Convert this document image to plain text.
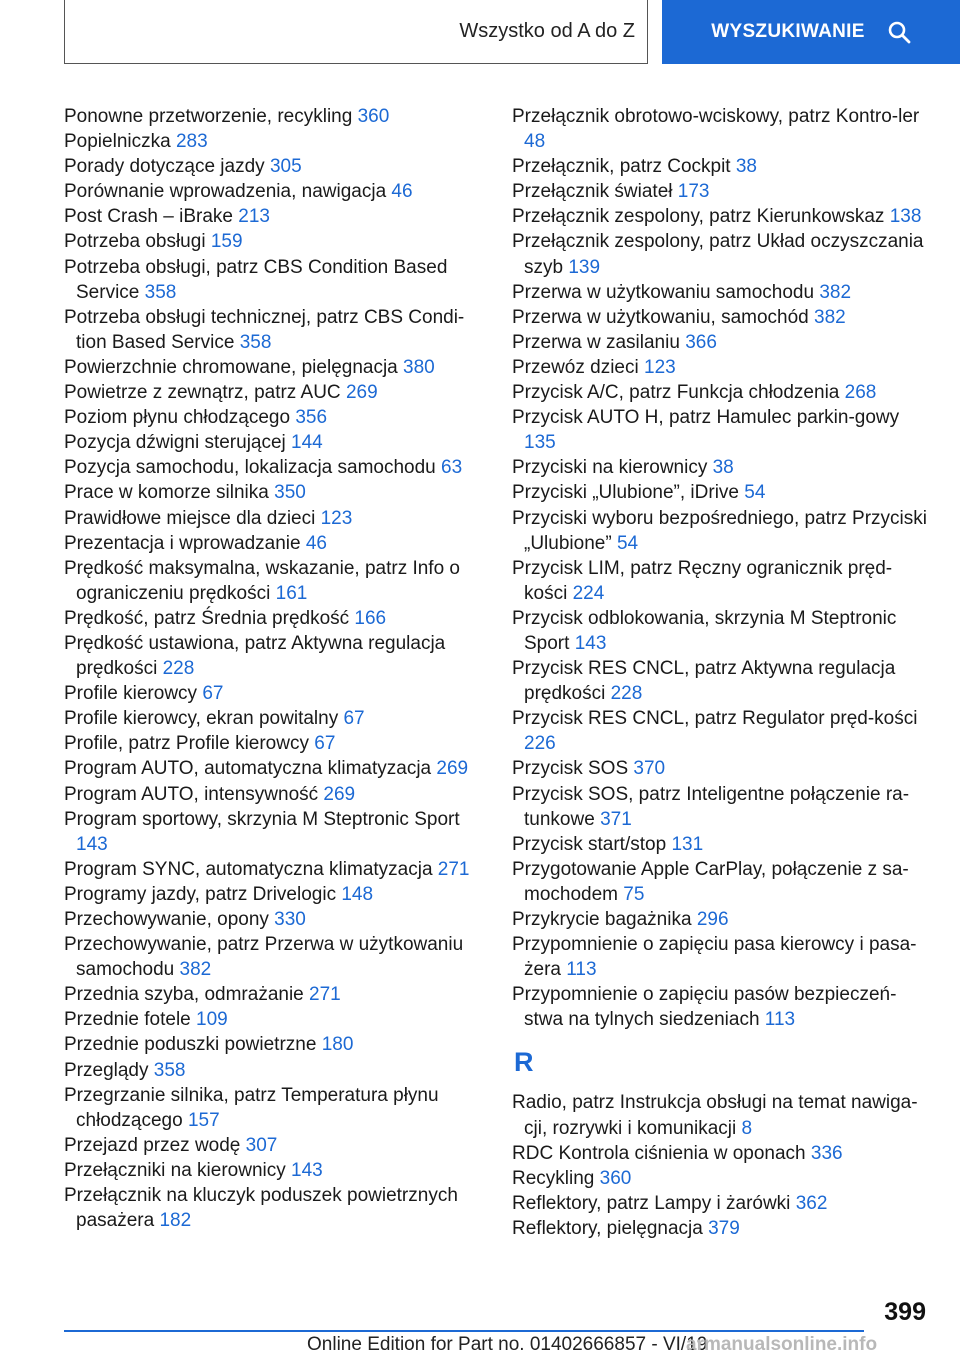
Wszystko od A do Z	WYSZUKIWANIE

Ponowne przetworzenie, recykling 360

Popielniczka 283

Porady dotyczące jazdy 305

Porównanie wprowadzenia, nawigacja 46

Post Crash – iBrake 213

Potrzeba obsługi 159

Potrzeba obsługi, patrz CBS Condition Based Service 358

Potrzeba obsługi technicznej, patrz CBS Condi‐tion Based Service 358

Powierzchnie chromowane, pielęgnacja 380

Powietrze z zewnątrz, patrz AUC 269

Poziom płynu chłodzącego 356

Pozycja dźwigni sterującej 144

Pozycja samochodu, lokalizacja samochodu 63

Prace w komorze silnika 350

Prawidłowe miejsce dla dzieci 123

Prezentacja i wprowadzanie 46

Prędkość maksymalna, wskazanie, patrz Info o ograniczeniu prędkości 161

Prędkość, patrz Średnia prędkość 166

Prędkość ustawiona, patrz Aktywna regulacja prędkości 228

Profile kierowcy 67

Profile kierowcy, ekran powitalny 67

Profile, patrz Profile kierowcy 67

Program AUTO, automatyczna klimatyzacja 269

Program AUTO, intensywność 269

Program sportowy, skrzynia M Steptronic Sport 143

Program SYNC, automatyczna klimatyzacja 271

Programy jazdy, patrz Drivelogic 148

Przechowywanie, opony 330

Przechowywanie, patrz Przerwa w użytkowaniu samochodu 382

Przednia szyba, odmrażanie 271

Przednie fotele 109

Przednie poduszki powietrzne 180

Przeglądy 358

Przegrzanie silnika, patrz Temperatura płynu chłodzącego 157

Przejazd przez wodę 307

Przełączniki na kierownicy 143

Przełącznik na kluczyk poduszek powietrznych pasażera 182

Przełącznik obrotowo-wciskowy, patrz Kontro‐ler 48

Przełącznik, patrz Cockpit 38

Przełącznik świateł 173

Przełącznik zespolony, patrz Kierunkowskaz 138

Przełącznik zespolony, patrz Układ oczyszczania szyb 139

Przerwa w użytkowaniu samochodu 382

Przerwa w użytkowaniu, samochód 382

Przerwa w zasilaniu 366

Przewóz dzieci 123

Przycisk A/C, patrz Funkcja chłodzenia 268

Przycisk AUTO H, patrz Hamulec parkin‐gowy 135

Przyciski na kierownicy 38

Przyciski „Ulubione”, iDrive 54

Przyciski wyboru bezpośredniego, patrz Przyciski „Ulubione” 54

Przycisk LIM, patrz Ręczny ogranicznik pręd‐kości 224

Przycisk odblokowania, skrzynia M Steptronic Sport 143

Przycisk RES CNCL, patrz Aktywna regulacja prędkości 228

Przycisk RES CNCL, patrz Regulator pręd‐kości 226

Przycisk SOS 370

Przycisk SOS, patrz Inteligentne połączenie ra‐tunkowe 371

Przycisk start/stop 131

Przygotowanie Apple CarPlay, połączenie z sa‐mochodem 75

Przykrycie bagażnika 296

Przypomnienie o zapięciu pasa kierowcy i pasa‐żera 113

Przypomnienie o zapięciu pasów bezpieczeń‐stwa na tylnych siedzeniach 113

R

Radio, patrz Instrukcja obsługi na temat nawiga‐cji, rozrywki i komunikacji 8

RDC Kontrola ciśnienia w oponach 336

Recykling 360

Reflektory, patrz Lampy i żarówki 362

Reflektory, pielęgnacja 379

399
Online Edition for Part no. 01402666857 - VI/19
armanualsonline.info
